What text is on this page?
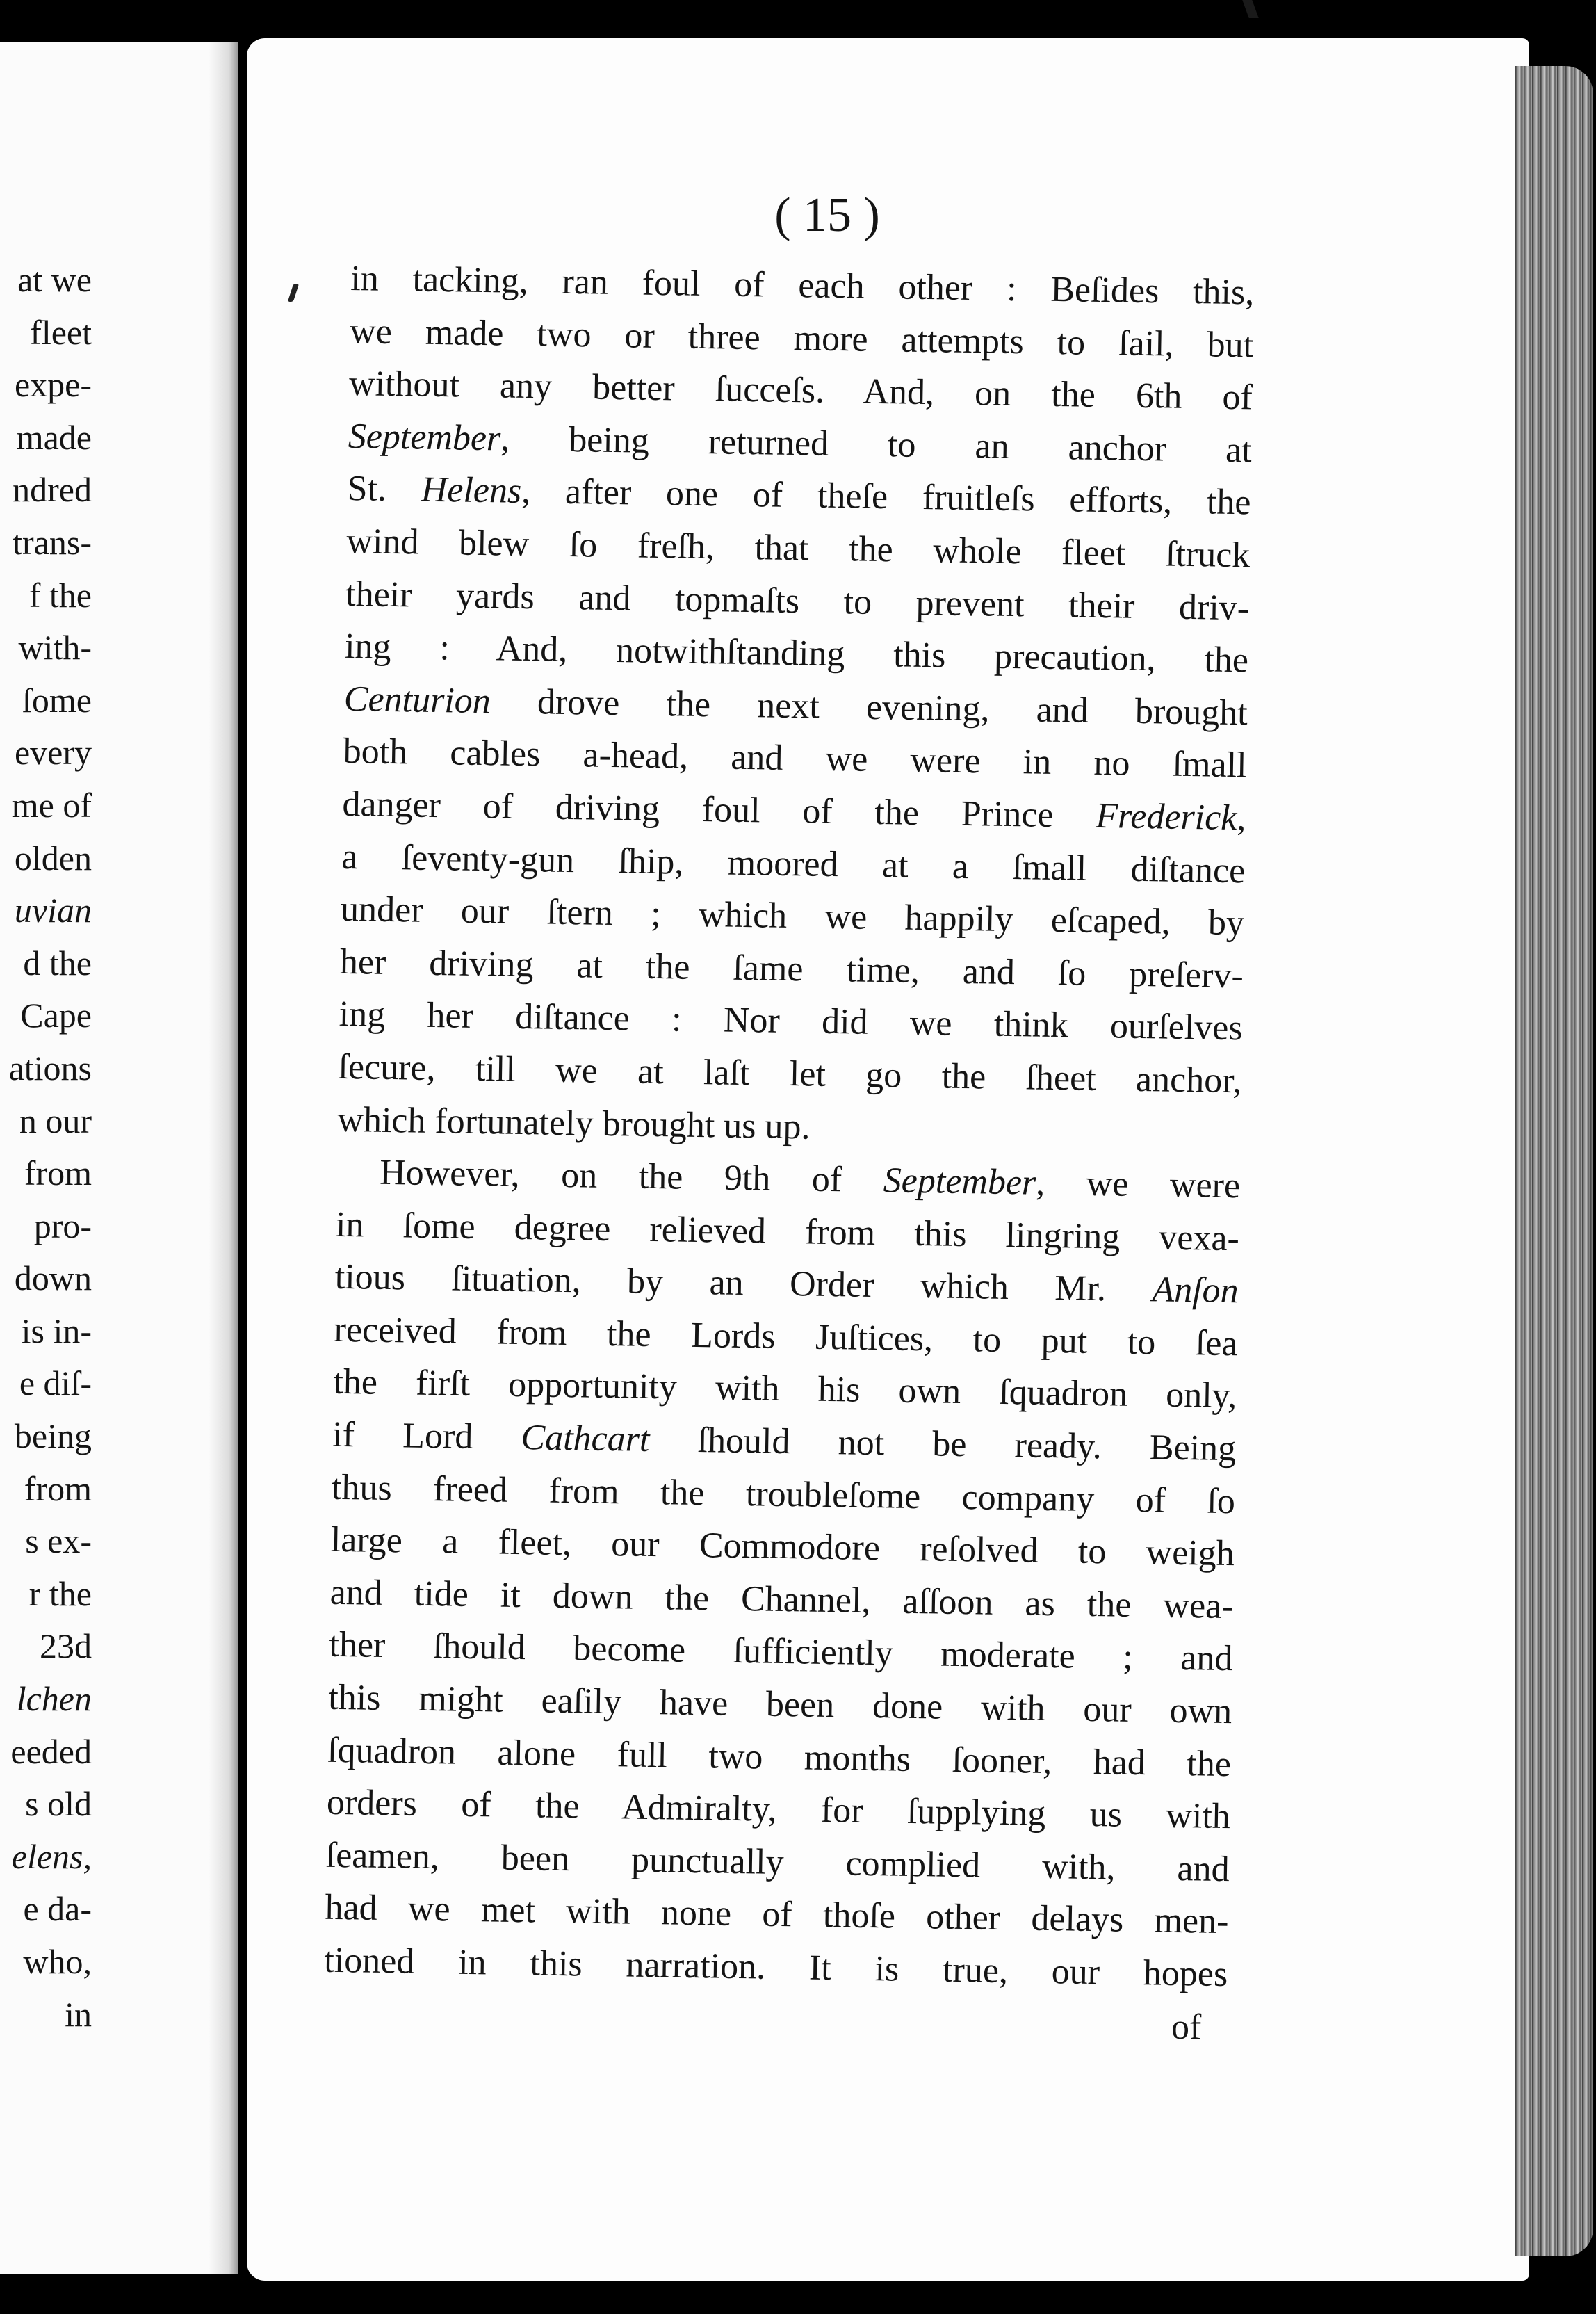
at we
fleet
expe-
made
ndred
trans-
f the
with-
ſome
every
me of
olden
uvian
d the
Cape
ations
n our
from
pro-
down
is in-
e diſ-
being
from
s ex-
r the
23d
lchen
eeded
s old
elens,
e da-
who,
in
( 15 )
in tacking, ran foul of each other : Beſides this,
we made two or three more attempts to ſail, but
without any better ſucceſs. And, on the 6th of
September, being returned to an anchor at
St. Helens, after one of theſe fruitleſs efforts, the
wind blew ſo freſh, that the whole fleet ſtruck
their yards and topmaſts to prevent their driv-
ing : And, notwithſtanding this precaution, the
Centurion drove the next evening, and brought
both cables a-head, and we were in no ſmall
danger of driving foul of the Prince Frederick,
a ſeventy-gun ſhip, moored at a ſmall diſtance
under our ſtern ; which we happily eſcaped, by
her driving at the ſame time, and ſo preſerv-
ing her diſtance : Nor did we think ourſelves
ſecure, till we at laſt let go the ſheet anchor,
which fortunately brought us up.
However, on the 9th of September, we were
in ſome degree relieved from this lingring vexa-
tious ſituation, by an Order which Mr. Anſon
received from the Lords Juſtices, to put to ſea
the firſt opportunity with his own ſquadron only,
if Lord Cathcart ſhould not be ready. Being
thus freed from the troubleſome company of ſo
large a fleet, our Commodore reſolved to weigh
and tide it down the Channel, aſſoon as the wea-
ther ſhould become ſufficiently moderate ; and
this might eaſily have been done with our own
ſquadron alone full two months ſooner, had the
orders of the Admiralty, for ſupplying us with
ſeamen, been punctually complied with, and
had we met with none of thoſe other delays men-
tioned in this narration. It is true, our hopes

of
